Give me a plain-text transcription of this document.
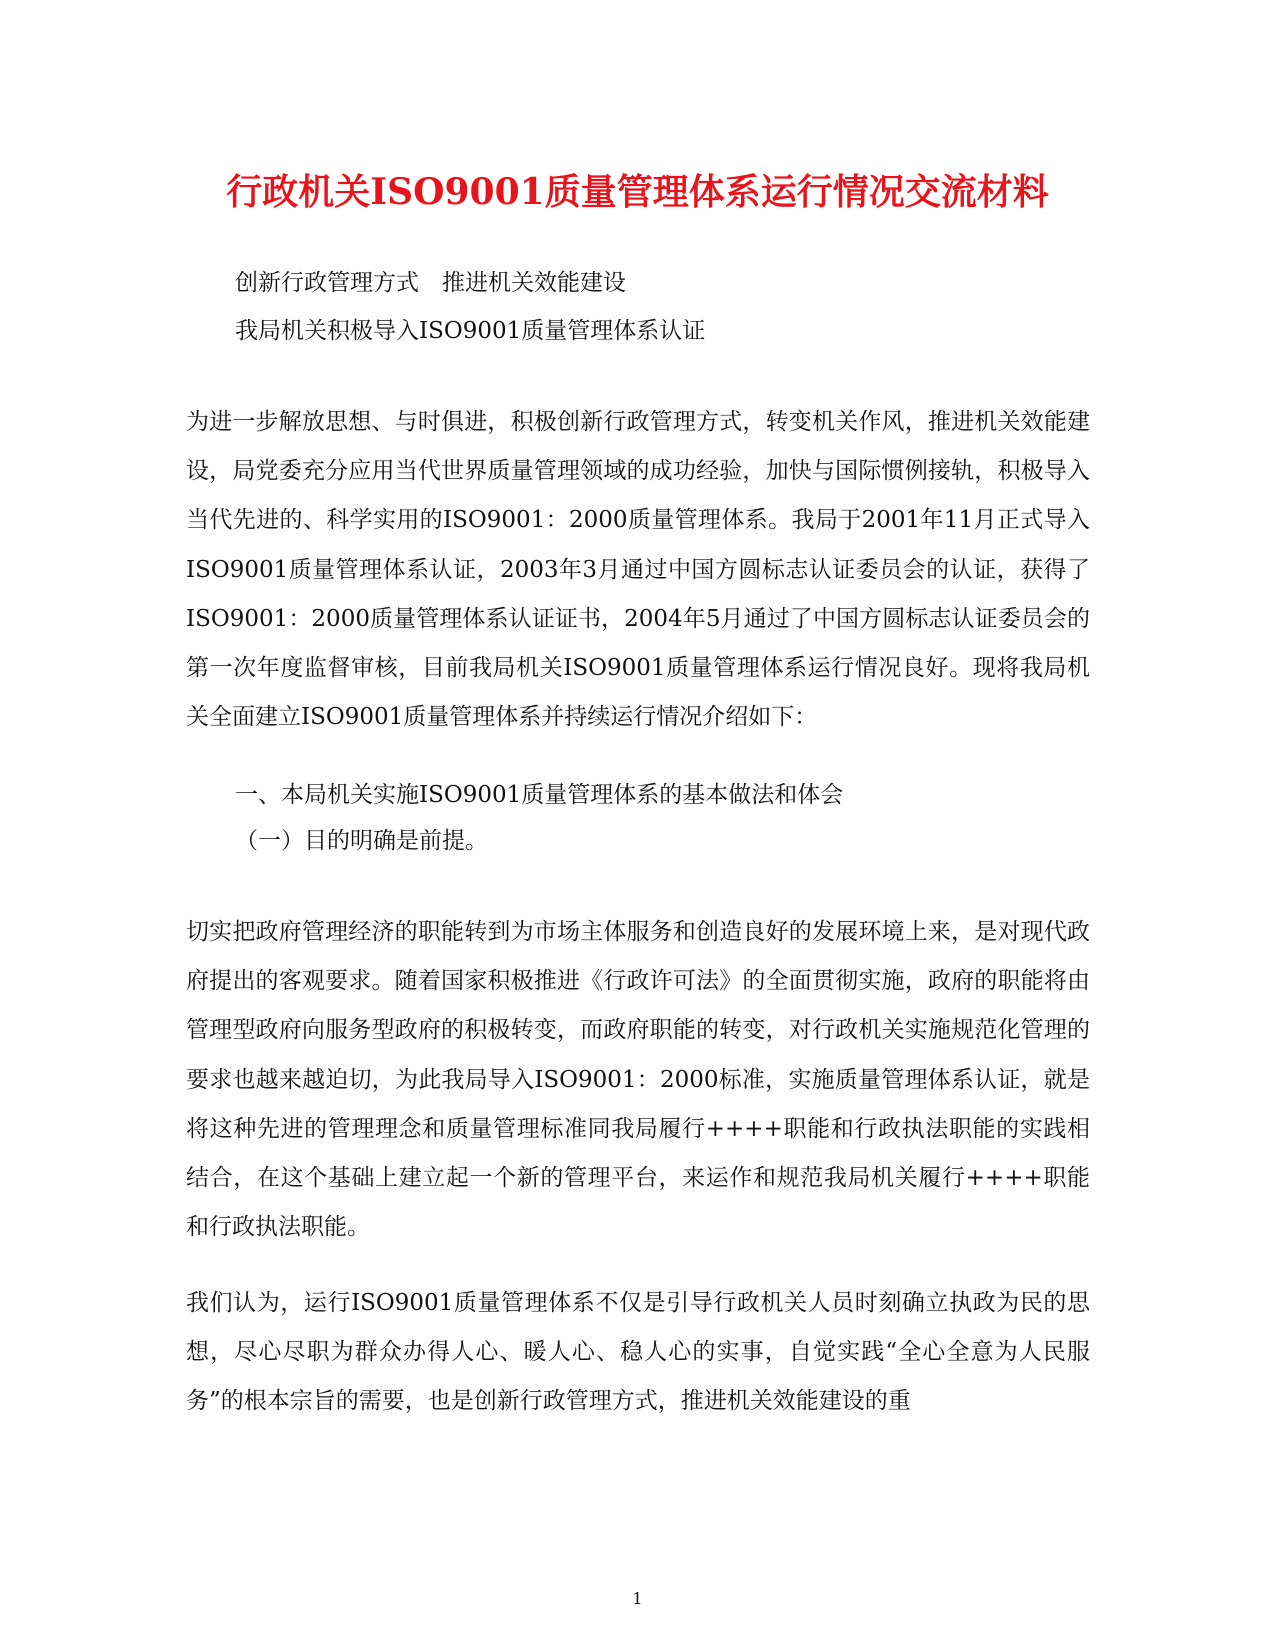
行政机关ISO9001质量管理体系运行情况交流材料
创新行政管理方式　推进机关效能建设
我局机关积极导入ISO9001质量管理体系认证
为进一步解放思想、与时俱进，积极创新行政管理方式，转变机关作风，推进机关效能建设，局党委充分应用当代世界质量管理领域的成功经验，加快与国际惯例接轨，积极导入当代先进的、科学实用的ISO9001：2000质量管理体系。我局于2001年11月正式导入ISO9001质量管理体系认证，2003年3月通过中国方圆标志认证委员会的认证，获得了ISO9001：2000质量管理体系认证证书，2004年5月通过了中国方圆标志认证委员会的第一次年度监督审核，目前我局机关ISO9001质量管理体系运行情况良好。现将我局机关全面建立ISO9001质量管理体系并持续运行情况介绍如下：
一、本局机关实施ISO9001质量管理体系的基本做法和体会
（一）目的明确是前提。
切实把政府管理经济的职能转到为市场主体服务和创造良好的发展环境上来，是对现代政府提出的客观要求。随着国家积极推进《行政许可法》的全面贯彻实施，政府的职能将由管理型政府向服务型政府的积极转变，而政府职能的转变，对行政机关实施规范化管理的要求也越来越迫切，为此我局导入ISO9001：2000标准，实施质量管理体系认证，就是将这种先进的管理理念和质量管理标准同我局履行++++职能和行政执法职能的实践相结合，在这个基础上建立起一个新的管理平台，来运作和规范我局机关履行++++职能和行政执法职能。
我们认为，运行ISO9001质量管理体系不仅是引导行政机关人员时刻确立执政为民的思想，尽心尽职为群众办得人心、暖人心、稳人心的实事，自觉实践“全心全意为人民服务”的根本宗旨的需要，也是创新行政管理方式，推进机关效能建设的重
1
